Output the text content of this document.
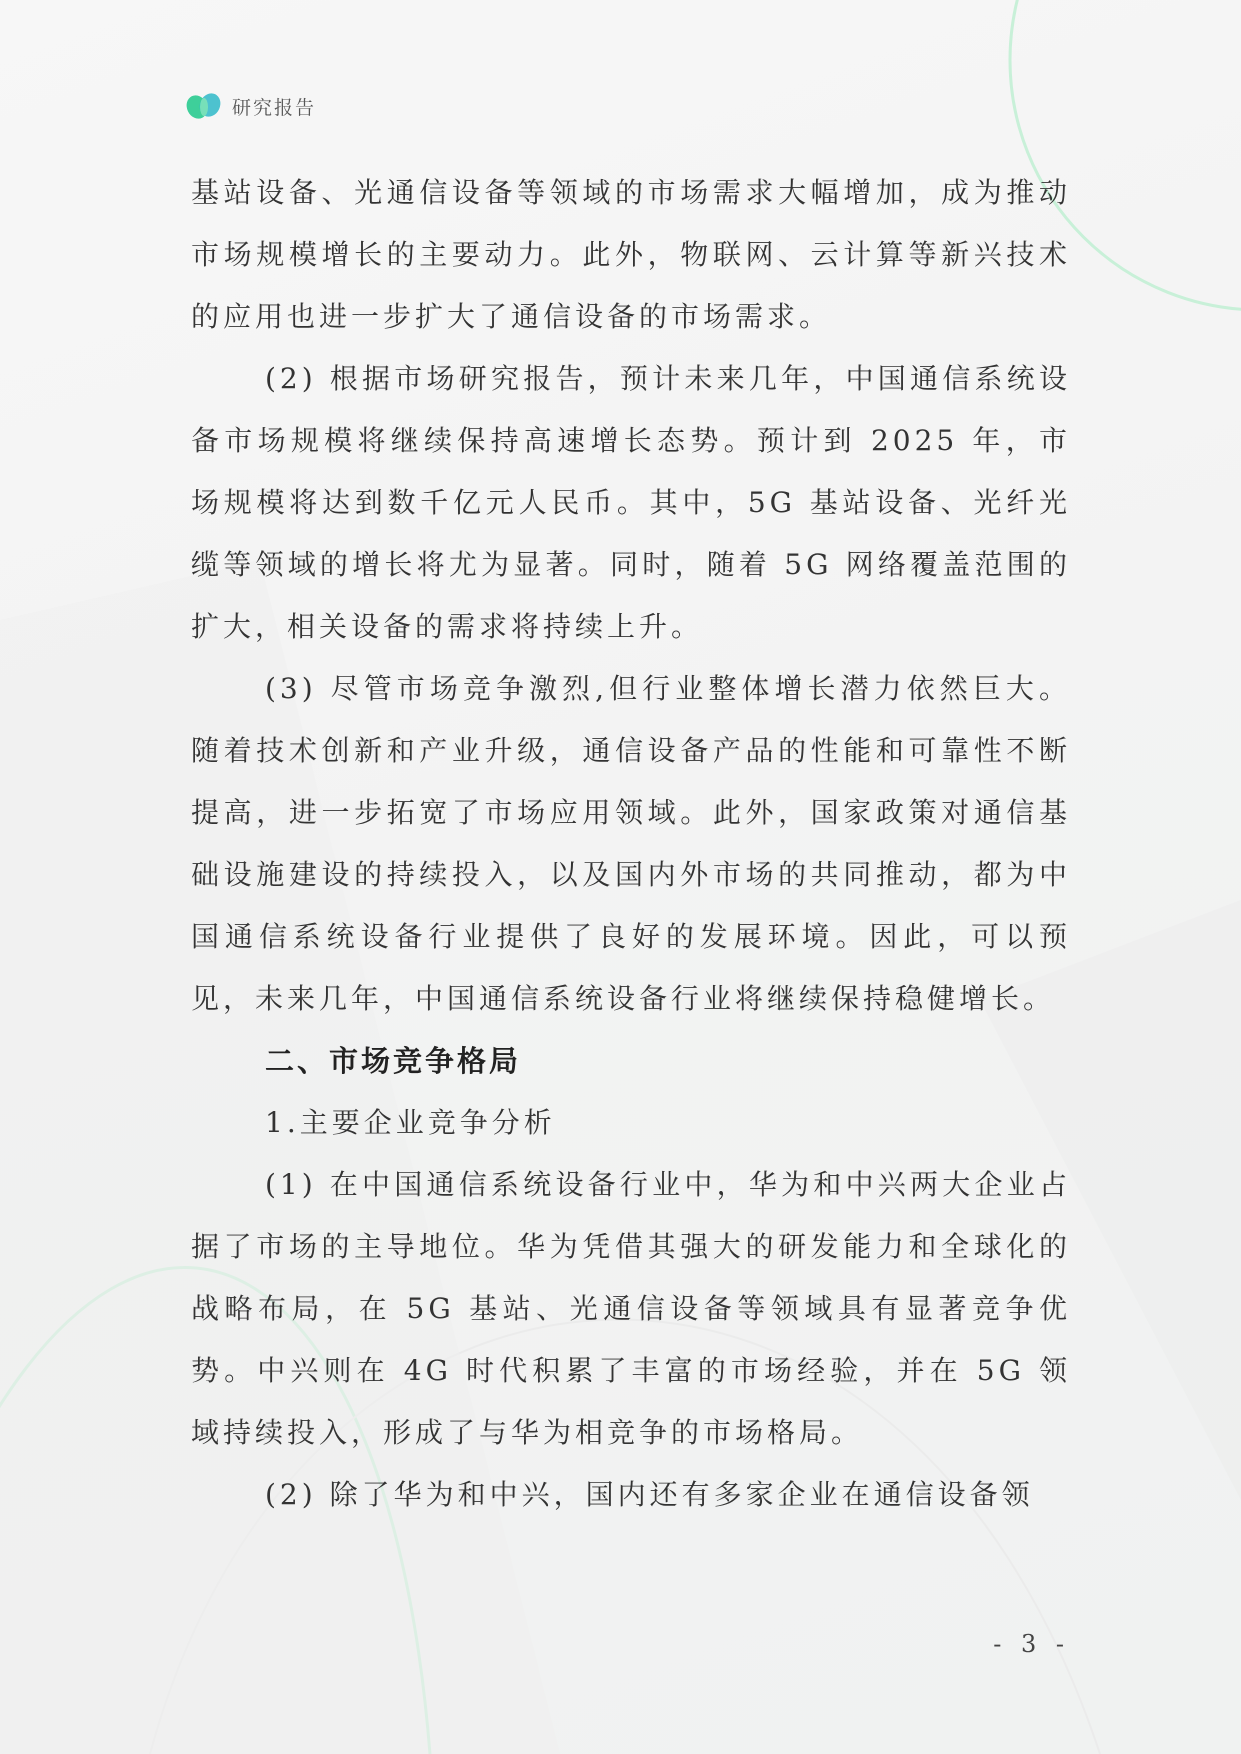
研究报告

基站设备、光通信设备等领域的市场需求大幅增加，成为推动市场规模增长的主要动力。此外，物联网、云计算等新兴技术的应用也进一步扩大了通信设备的市场需求。

(2) 根据市场研究报告，预计未来几年，中国通信系统设备市场规模将继续保持高速增长态势。预计到 2025 年，市场规模将达到数千亿元人民币。其中，5G 基站设备、光纤光缆等领域的增长将尤为显著。同时，随着 5G 网络覆盖范围的扩大，相关设备的需求将持续上升。

(3) 尽管市场竞争激烈,但行业整体增长潜力依然巨大。随着技术创新和产业升级，通信设备产品的性能和可靠性不断提高，进一步拓宽了市场应用领域。此外，国家政策对通信基础设施建设的持续投入，以及国内外市场的共同推动，都为中国通信系统设备行业提供了良好的发展环境。因此，可以预见，未来几年，中国通信系统设备行业将继续保持稳健增长。

二、市场竞争格局

1.主要企业竞争分析

(1) 在中国通信系统设备行业中，华为和中兴两大企业占据了市场的主导地位。华为凭借其强大的研发能力和全球化的战略布局，在 5G 基站、光通信设备等领域具有显著竞争优势。中兴则在 4G 时代积累了丰富的市场经验，并在 5G 领域持续投入，形成了与华为相竞争的市场格局。

(2) 除了华为和中兴，国内还有多家企业在通信设备领

- 3 -
